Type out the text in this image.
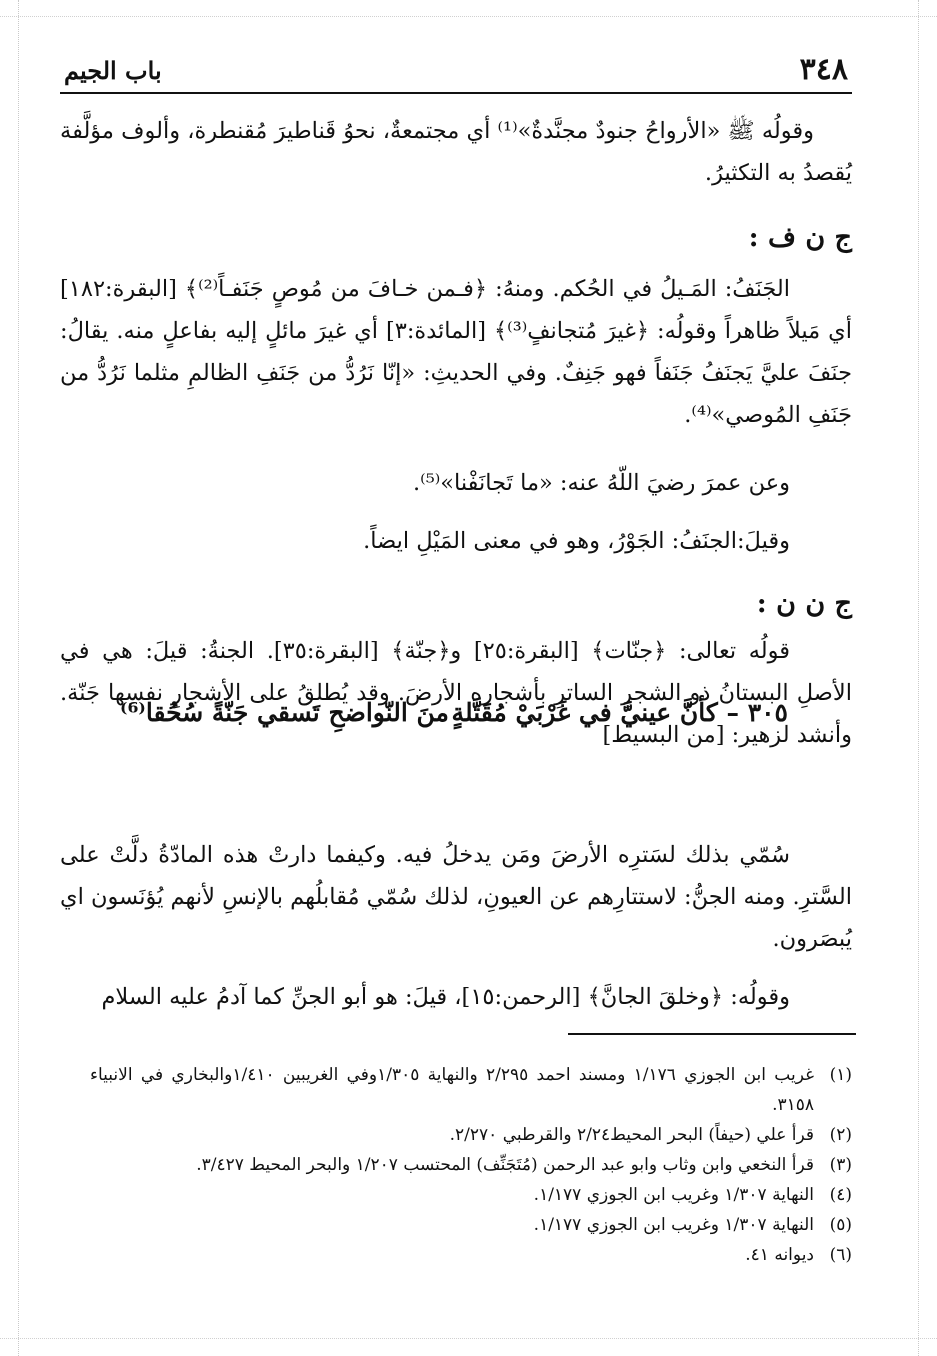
٣٤٨
باب الجيم

وقولُه ﷺ «الأرواحُ جنودٌ مجنَّدةٌ»⁽¹⁾ أي مجتمعةٌ، نحوُ قَناطيرَ مُقنطرة، وألوف مؤلَّفة يُقصدُ به التكثيرُ.

ج ن ف :

الجَنَفُ: المَـيلُ في الحُكم. ومنهُ: ﴿فـمن خـافَ من مُوصٍ جَنَفـاً⁽²⁾﴾ [البقرة:١٨٢] أي مَيلاً ظاهراً وقولُه: ﴿غيرَ مُتجانفٍ⁽³⁾﴾ [المائدة:٣] أي غيرَ مائلٍ إليه بفاعلٍ منه. يقالُ: جنَفَ عليَّ يَجنَفُ جَنَفاً فهو جَنِفٌ. وفي الحديثِ: «إنّا نَرُدُّ من جَنَفِ الظالمِ مثلما نَرُدُّ من جَنَفِ المُوصي»⁽⁴⁾.

وعن عمرَ رضيَ اللّهُ عنه: «ما تَجانَفْنا»⁽⁵⁾.

وقيلَ:الجنَفُ: الجَوْرُ، وهو في معنى المَيْلِ ايضاً.

ج ن ن :

قولُه تعالى: ﴿جنّات﴾ [البقرة:٢٥] و﴿جنّة﴾ [البقرة:٣٥]. الجنةُ: قيلَ: هي في الأصلِ البستانُ ذو الشجرِ الساترِ بأشجاره الأرضَ. وقد يُطلقُ على الأشجارِ نفسِها جَنّة. وأنشد لزهير: [من البسيط]

٣٠٥ – كأنَّ عينيَّ في غَرْبَيْ مُقَتَّلةٍ
منَ النّواضحِ تَسقي جَنّةً سُحُقا⁽⁶⁾

سُمّي بذلك لسَترِه الأرضَ ومَن يدخلُ فيه. وكيفما دارتْ هذه المادّةُ دلَّتْ على السَّترِ. ومنه الجنُّ: لاستتارِهم عن العيونِ، لذلك سُمّي مُقابلُهم بالإنسِ لأنهم يُؤنَسون اي يُبصَرون.

وقولُه: ﴿وخلقَ الجانَّ﴾ [الرحمن:١٥]، قيلَ: هو أبو الجنِّ كما آدمُ عليه السلام

(١)
غريب ابن الجوزي ١/١٧٦ ومسند احمد ٢/٢٩٥ والنهاية ١/٣٠٥وفي الغريبين ١/٤١٠والبخاري في الانبياء ٣١٥٨.
(٢)
قرأ علي (حيفاً) البحر المحيط٢/٢٤ والقرطبي ٢/٢٧٠.
(٣)
قرأ النخعي وابن وثاب وابو عبد الرحمن (مُتَجَنِّف) المحتسب ١/٢٠٧ والبحر المحيط ٣/٤٢٧.
(٤)
النهاية ١/٣٠٧ وغريب ابن الجوزي ١/١٧٧.
(٥)
النهاية ١/٣٠٧ وغريب ابن الجوزي ١/١٧٧.
(٦)
ديوانه ٤١.
